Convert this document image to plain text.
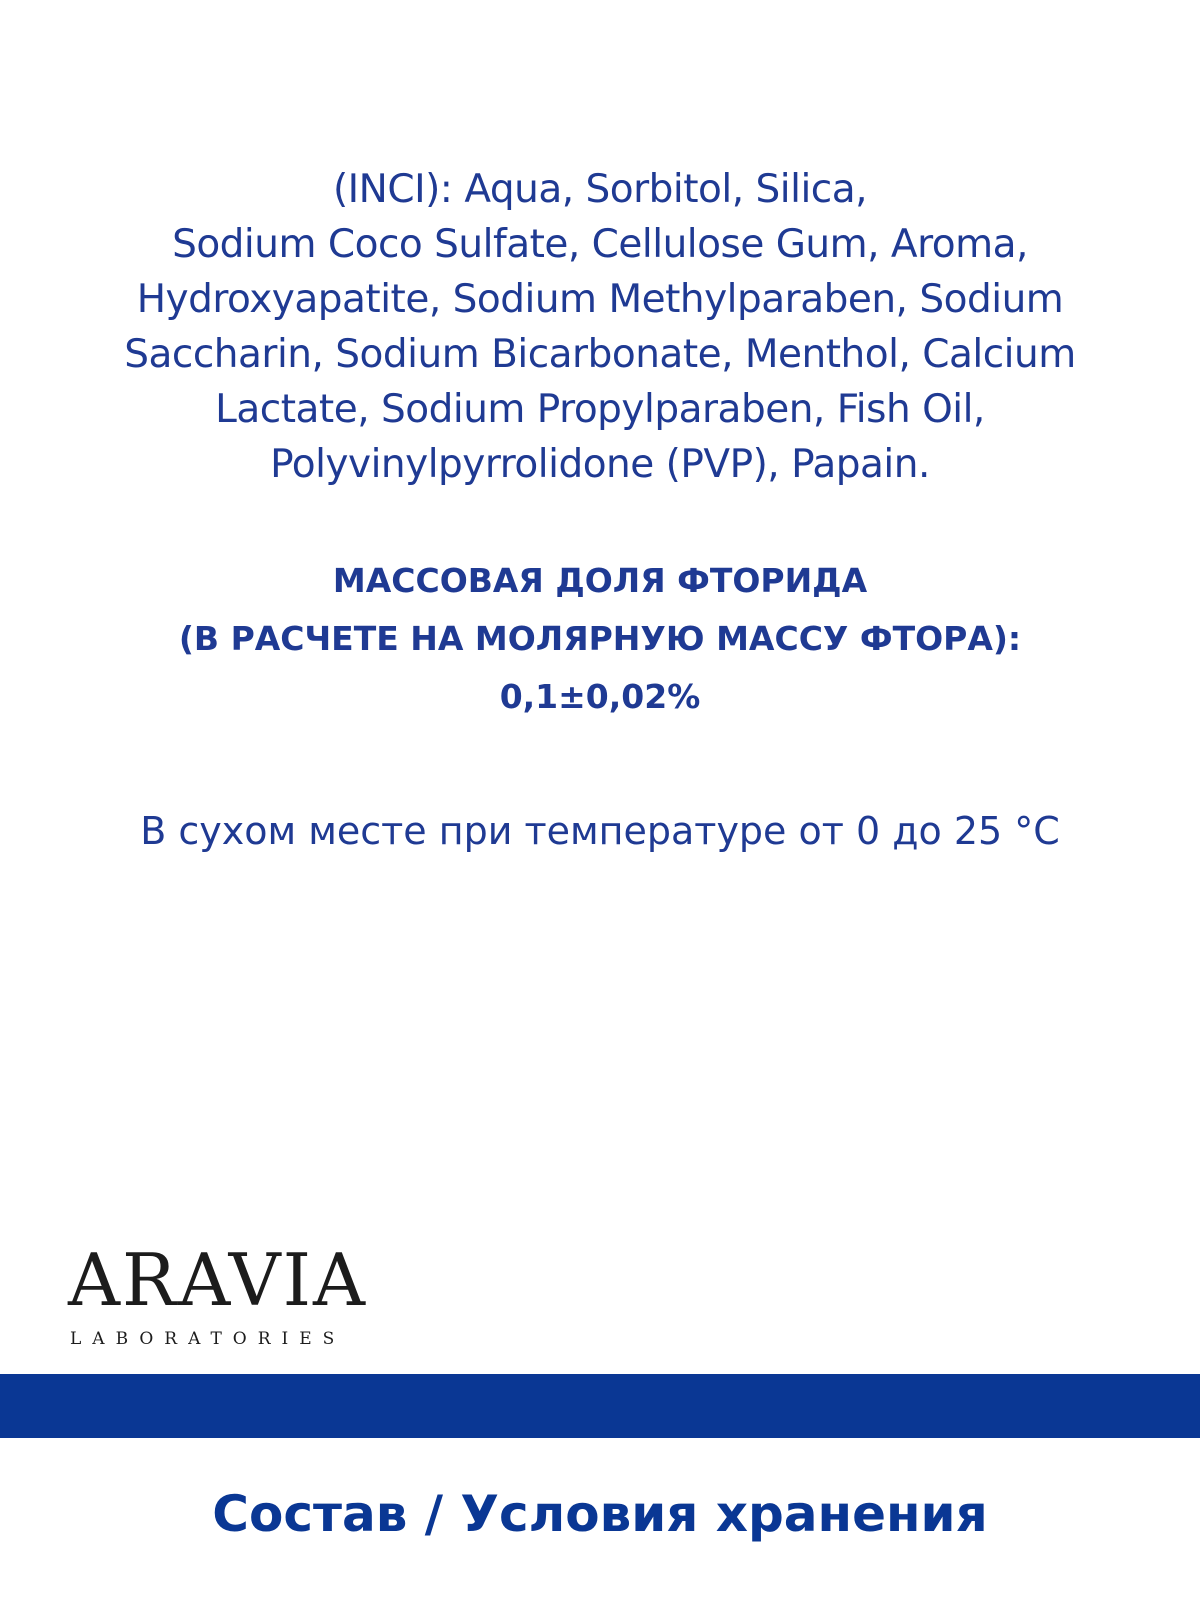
(INCI): Aqua, Sorbitol, Silica,
Sodium Coco Sulfate, Cellulose Gum, Aroma,
Hydroxyapatite, Sodium Methylparaben, Sodium
Saccharin, Sodium Bicarbonate, Menthol, Calcium
Lactate, Sodium Propylparaben, Fish Oil,
Polyvinylpyrrolidone (PVP), Papain.
МАССОВАЯ ДОЛЯ ФТОРИДА
(В РАСЧЕТЕ НА МОЛЯРНУЮ МАССУ ФТОРА):
0,1±0,02%
В сухом месте при температуре от 0 до 25 °C
ARAVIA
LABORATORIES
Состав / Условия хранения
